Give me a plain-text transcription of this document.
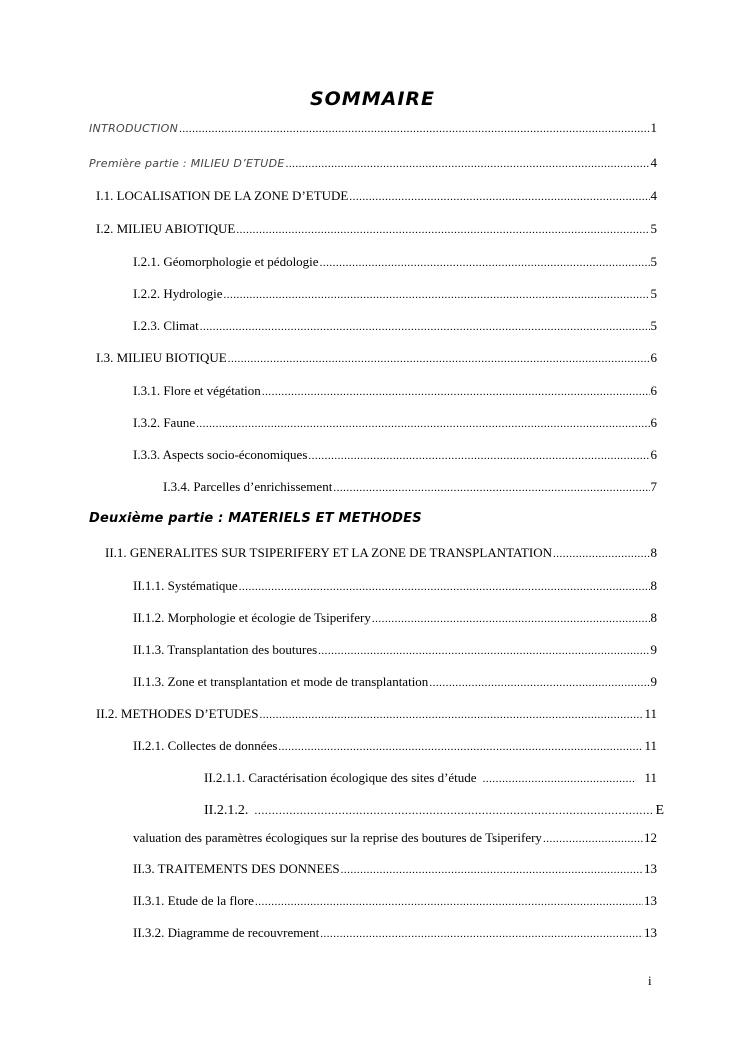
SOMMAIRE
INTRODUCTION .....	1
Première partie : MILIEU D’ETUDE .....	4
I.1. LOCALISATION DE LA ZONE D’ETUDE .....	4
I.2. MILIEU ABIOTIQUE .....	5
I.2.1. Géomorphologie et pédologie .....	5
I.2.2. Hydrologie .....	5
I.2.3. Climat .....	5
I.3. MILIEU BIOTIQUE .....	6
I.3.1. Flore et végétation .....	6
I.3.2. Faune .....	6
I.3.3. Aspects socio-économiques .....	6
I.3.4. Parcelles d’enrichissement .....	7
Deuxième partie : MATERIELS ET METHODES
II.1. GENERALITES SUR TSIPERIFERY ET LA ZONE DE TRANSPLANTATION .....	8
II.1.1. Systématique .....	8
II.1.2. Morphologie et écologie de Tsiperifery .....	8
II.1.3. Transplantation des boutures .....	9
II.1.3. Zone et transplantation et mode de transplantation .....	9
II.2. METHODES D’ETUDES .....	11
II.2.1. Collectes de données .....	11
II.2.1.1. Caractérisation écologique des sites d’étude .....	11
II.2.1.2. .....	E
valuation des paramètres écologiques sur la reprise des boutures de Tsiperifery .....	12
II.3. TRAITEMENTS DES DONNEES .....	13
II.3.1. Etude de la flore .....	13
II.3.2. Diagramme de recouvrement .....	13
i
